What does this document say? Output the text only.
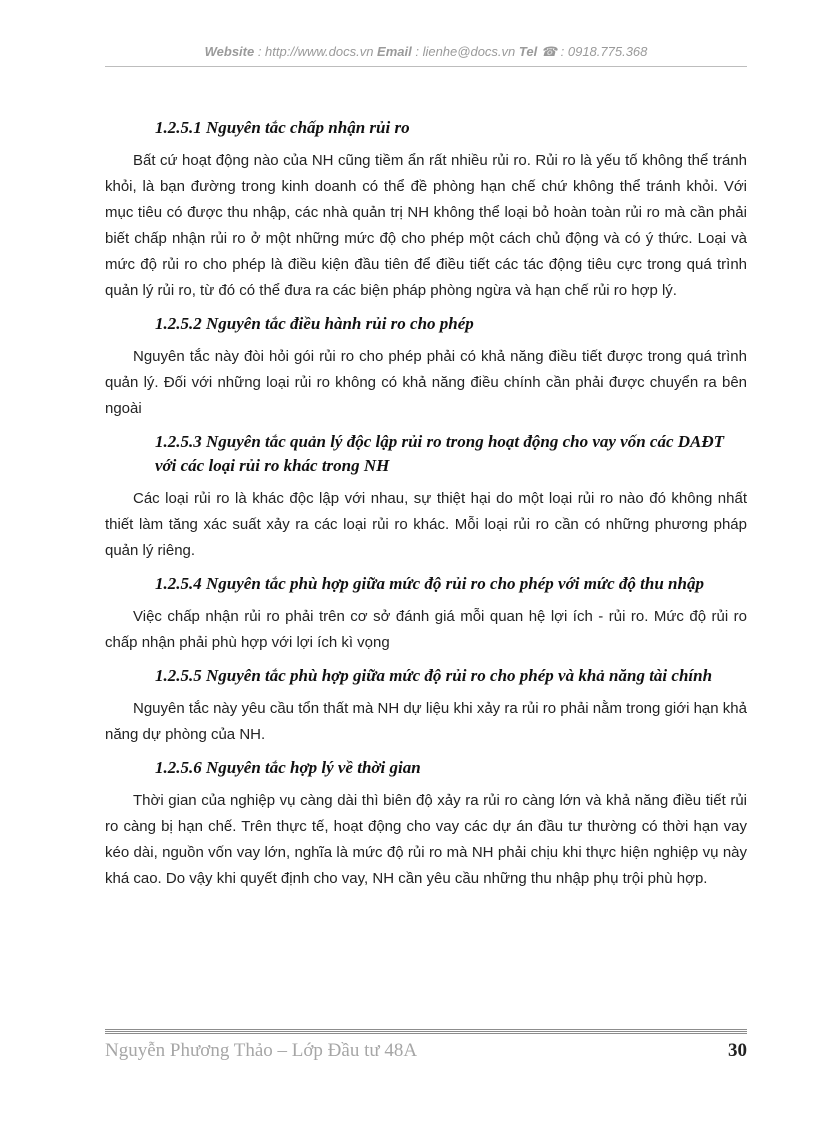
Website : http://www.docs.vn Email : lienhe@docs.vn Tel ☎ : 0918.775.368
1.2.5.1 Nguyên tắc chấp nhận rủi ro

Bất cứ hoạt động nào của NH cũng tiềm ẩn rất nhiều rủi ro. Rủi ro là yếu tố không thể tránh khỏi, là bạn đường trong kinh doanh có thể đề phòng hạn chế chứ không thể tránh khỏi. Với mục tiêu có được thu nhập, các nhà quản trị NH không thể loại bỏ hoàn toàn rủi ro mà cần phải biết chấp nhận rủi ro ở một những mức độ cho phép một cách chủ động và có ý thức. Loại và mức độ rủi ro cho phép là điều kiện đầu tiên để điều tiết các tác động tiêu cực trong quá trình quản lý rủi ro, từ đó có thể đưa ra các biện pháp phòng ngừa và hạn chế rủi ro hợp lý.

1.2.5.2 Nguyên tắc điều hành rủi ro cho phép

Nguyên tắc này đòi hỏi gói rủi ro cho phép phải có khả năng điều tiết được trong quá trình quản lý. Đối với những loại rủi ro không có khả năng điều chính cần phải được chuyển ra bên ngoài

1.2.5.3 Nguyên tắc quản lý độc lập rủi ro trong hoạt động cho vay vốn các DAĐT với các loại rủi ro khác trong NH

Các loại rủi ro là khác độc lập với nhau, sự thiệt hại do một loại rủi ro nào đó không nhất thiết làm tăng xác suất xảy ra các loại rủi ro khác. Mỗi loại rủi ro cần có những phương pháp quản lý riêng.

1.2.5.4 Nguyên tắc phù hợp giữa mức độ rủi ro cho phép với mức độ thu nhập

Việc chấp nhận rủi ro phải trên cơ sở đánh giá mỗi quan hệ lợi ích - rủi ro. Mức độ rủi ro chấp nhận phải phù hợp với lợi ích kì vọng

1.2.5.5 Nguyên tắc phù hợp giữa mức độ rủi ro cho phép và khả năng tài chính

Nguyên tắc này yêu cầu tổn thất mà NH dự liệu khi xảy ra rủi ro phải nằm trong giới hạn khả năng dự phòng của NH.

1.2.5.6 Nguyên tắc hợp lý về thời gian

Thời gian của nghiệp vụ càng dài thì biên độ xảy ra rủi ro càng lớn và khả năng điều tiết rủi ro càng bị hạn chế. Trên thực tế, hoạt động cho vay các dự án đầu tư thường có thời hạn vay kéo dài, nguồn vốn vay lớn, nghĩa là mức độ rủi ro mà NH phải chịu khi thực hiện nghiệp vụ này khá cao. Do vậy khi quyết định cho vay, NH cần yêu cầu những thu nhập phụ trội phù hợp.

Nguyễn Phương Thảo – Lớp Đầu tư 48A	30
